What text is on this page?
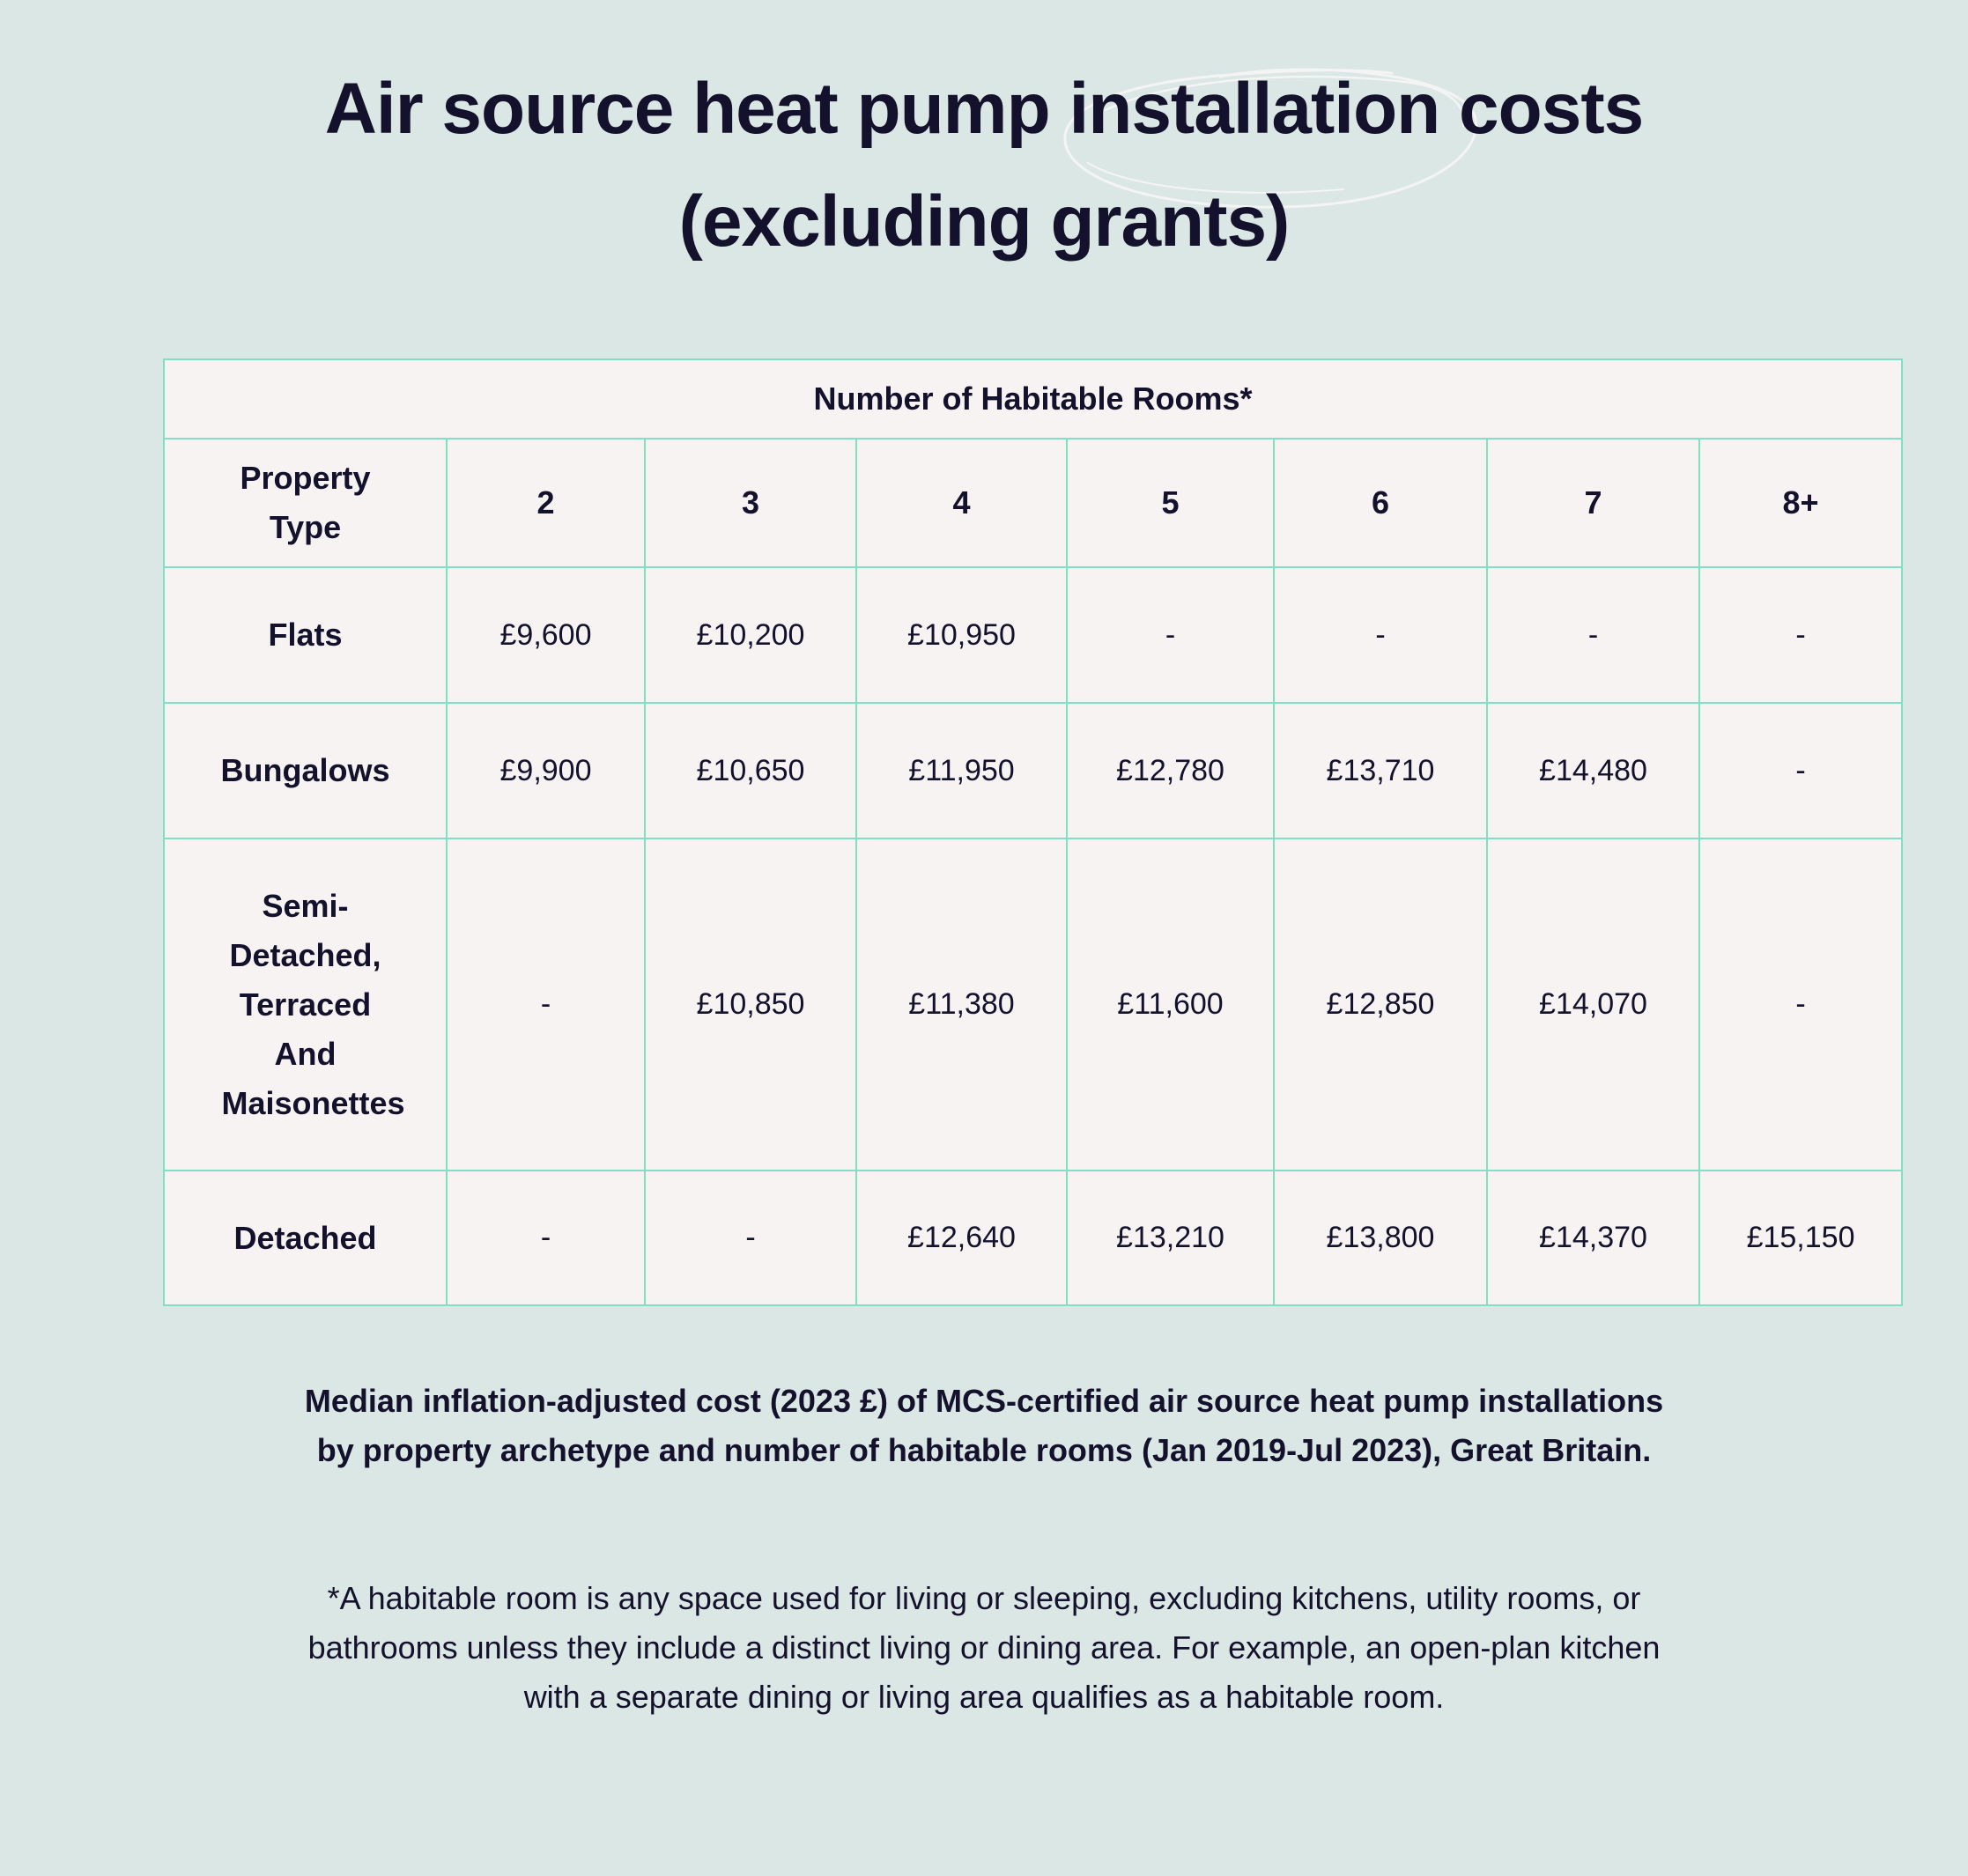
Air source heat pump installation costs
(excluding grants)
Number of Habitable Rooms*							
Property Type	2	3	4	5	6	7	8+
Flats	£9,600	£10,200	£10,950	-	-	-	-
Bungalows	£9,900	£10,650	£11,950	£12,780	£13,710	£14,480	-
Semi-Detached, Terraced And Maisonettes	-	£10,850	£11,380	£11,600	£12,850	£14,070	-
Detached	-	-	£12,640	£13,210	£13,800	£14,370	£15,150

Median inflation-adjusted cost (2023 £) of MCS-certified air source heat pump installations by property archetype and number of habitable rooms (Jan 2019-Jul 2023), Great Britain.

*A habitable room is any space used for living or sleeping, excluding kitchens, utility rooms, or bathrooms unless they include a distinct living or dining area. For example, an open-plan kitchen with a separate dining or living area qualifies as a habitable room.
